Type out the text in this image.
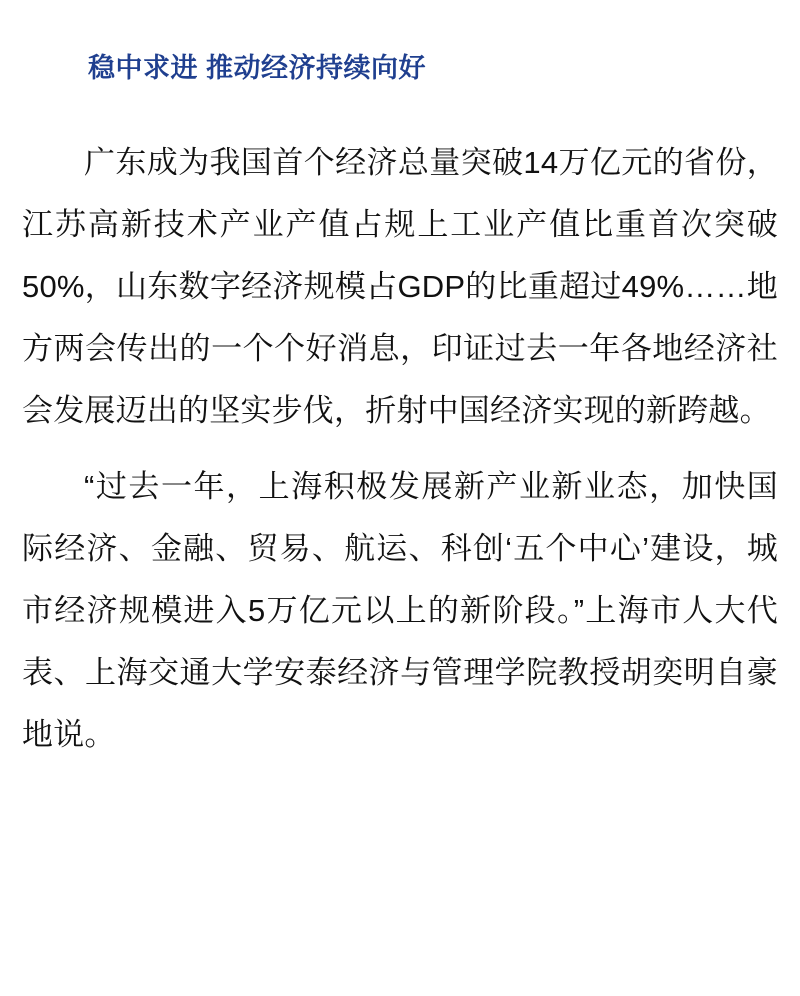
稳中求进 推动经济持续向好

广东成为我国首个经济总量突破14万亿元的省份，江苏高新技术产业产值占规上工业产值比重首次突破50%，山东数字经济规模占GDP的比重超过49%……地方两会传出的一个个好消息，印证过去一年各地经济社会发展迈出的坚实步伐，折射中国经济实现的新跨越。

“过去一年，上海积极发展新产业新业态，加快国际经济、金融、贸易、航运、科创‘五个中心’建设，城市经济规模进入5万亿元以上的新阶段。”上海市人大代表、上海交通大学安泰经济与管理学院教授胡奕明自豪地说。
